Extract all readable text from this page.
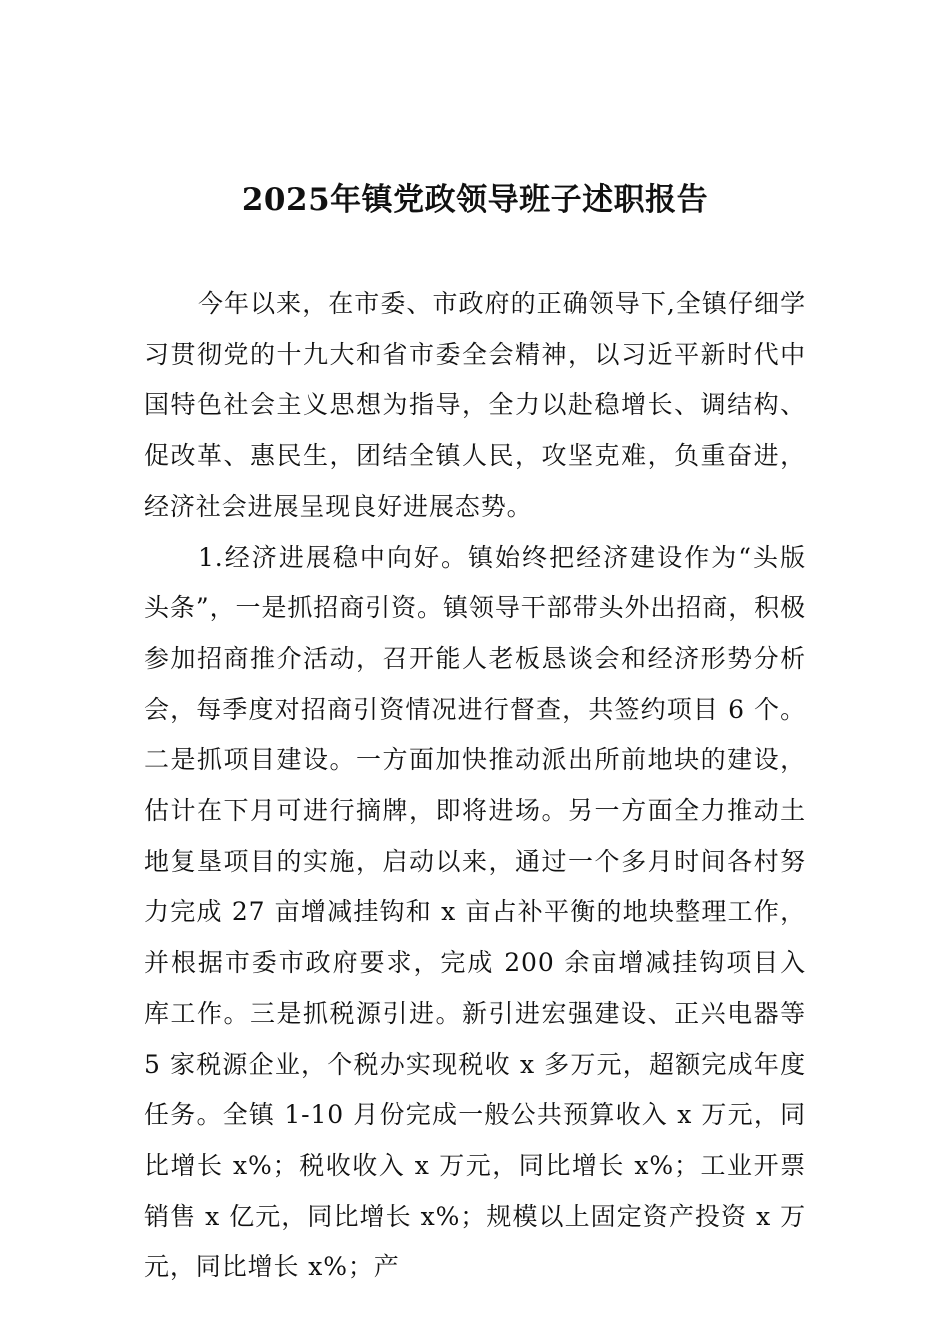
2025年镇党政领导班子述职报告

今年以来，在市委、市政府的正确领导下,全镇仔细学习贯彻党的十九大和省市委全会精神，以习近平新时代中国特色社会主义思想为指导，全力以赴稳增长、调结构、促改革、惠民生，团结全镇人民，攻坚克难，负重奋进，经济社会进展呈现良好进展态势。

1.经济进展稳中向好。镇始终把经济建设作为“头版头条”，一是抓招商引资。镇领导干部带头外出招商，积极参加招商推介活动，召开能人老板恳谈会和经济形势分析会，每季度对招商引资情况进行督查，共签约项目 6 个。二是抓项目建设。一方面加快推动派出所前地块的建设，估计在下月可进行摘牌，即将进场。另一方面全力推动土地复垦项目的实施，启动以来，通过一个多月时间各村努力完成 27 亩增减挂钩和 x 亩占补平衡的地块整理工作，并根据市委市政府要求，完成 200 余亩增减挂钩项目入库工作。三是抓税源引进。新引进宏强建设、正兴电器等 5 家税源企业，个税办实现税收 x 多万元，超额完成年度任务。全镇 1-10 月份完成一般公共预算收入 x 万元，同比增长 x%；税收收入 x 万元，同比增长 x%；工业开票销售 x 亿元，同比增长 x%；规模以上固定资产投资 x 万元，同比增长 x%；产
